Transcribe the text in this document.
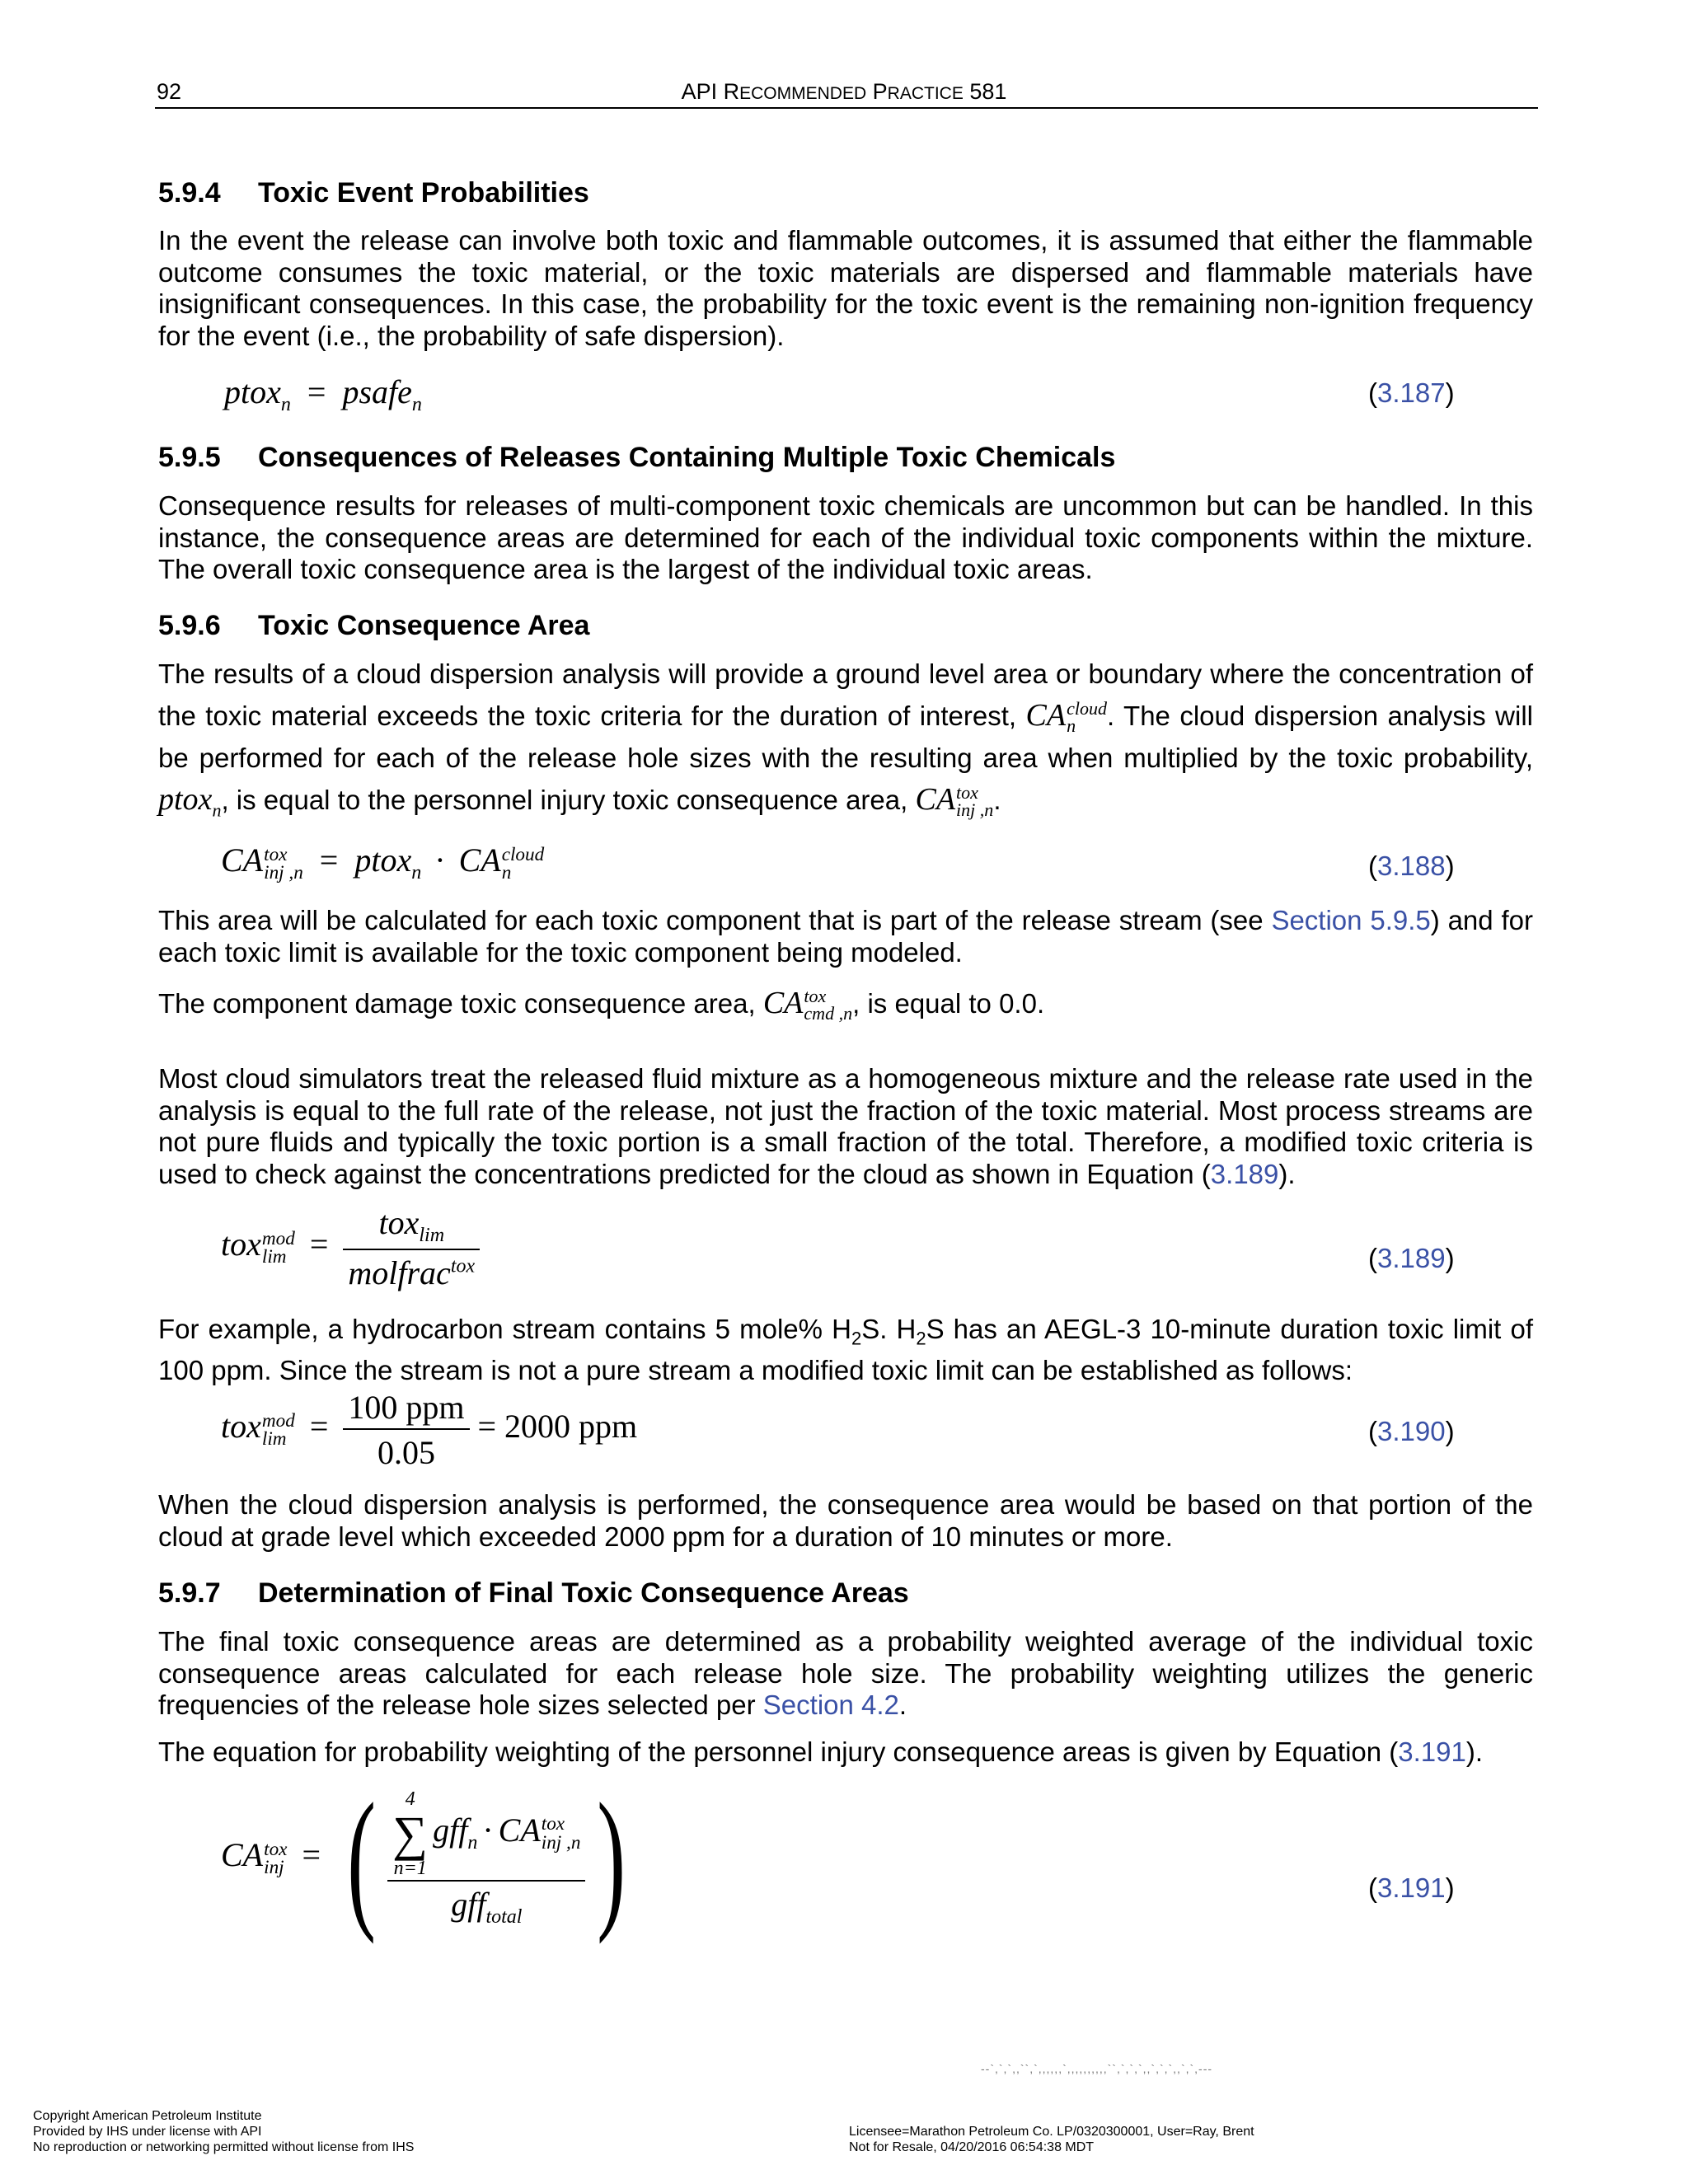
92	API RECOMMENDED PRACTICE 581
5.9.4 Toxic Event Probabilities

In the event the release can involve both toxic and flammable outcomes, it is assumed that either the flammable outcome consumes the toxic material, or the toxic materials are dispersed and flammable materials have insignificant consequences. In this case, the probability for the toxic event is the remaining non-ignition frequency for the event (i.e., the probability of safe dispersion).

ptox$_n$ = psafe$_n$	(3.187)
5.9.5 Consequences of Releases Containing Multiple Toxic Chemicals

Consequence results for releases of multi-component toxic chemicals are uncommon but can be handled. In this instance, the consequence areas are determined for each of the individual toxic components within the mixture. The overall toxic consequence area is the largest of the individual toxic areas.

5.9.6 Toxic Consequence Area

The results of a cloud dispersion analysis will provide a ground level area or boundary where the concentration of the toxic material exceeds the toxic criteria for the duration of interest, CA cloud
n	. The cloud dispersion analysis will be performed for each of the release hole sizes with the resulting area when multiplied by the toxic probability, ptox$_n$, is equal to the personnel injury toxic consequence area, CA tox
inj ,n .

CA tox
inj ,n = ptox$_n$ · CA cloud
n	(3.188)

This area will be calculated for each toxic component that is part of the release stream (see Section 5.9.5) and for each toxic limit is available for the toxic component being modeled.

The component damage toxic consequence area, CA tox
cmd ,n , is equal to 0.0.

Most cloud simulators treat the released fluid mixture as a homogeneous mixture and the release rate used in the analysis is equal to the full rate of the release, not just the fraction of the toxic material. Most process streams are not pure fluids and typically the toxic portion is a small fraction of the total. Therefore, a modified toxic criteria is used to check against the concentrations predicted for the cloud as shown in Equation (3.189).

tox mod
$\lim = \frac{tox_{lim}}{molfrac^{tox}}$	(3.189)

For example, a hydrocarbon stream contains 5 mole% $H_2S$. $H_2S$ has an AEGL-3 10-minute duration toxic limit of 100 ppm. Since the stream is not a pure stream a modified toxic limit can be established as follows:

tox mod
$\lim = \frac{\text{100 ppm}}{0.05} = 2000$ ppm	(3.190)

When the cloud dispersion analysis is performed, the consequence area would be based on that portion of the cloud at grade level which exceeded 2000 ppm for a duration of 10 minutes or more.

5.9.7 Determination of Final Toxic Consequence Areas

The final toxic consequence areas are determined as a probability weighted average of the individual toxic consequence areas calculated for each release hole size. The probability weighting utilizes the generic frequencies of the release hole sizes selected per Section 4.2.

The equation for probability weighting of the personnel injury consequence areas is given by Equation (3.191).

CA tox
inj = ( 4
∑
n=1
gff$_n$ · CA tox
inj ,n
gff$_{total}$ )	(3.191)
--`,`,`,,``,`,,,,,,`,,,,,,,,,,``,`,`,`,,`,`,`,,`,`,---
Copyright American Petroleum Institute
Provided by IHS under license with API
No reproduction or networking permitted without license from IHS
Licensee=Marathon Petroleum Co. LP/0320300001, User=Ray, Brent
Not for Resale, 04/20/2016 06:54:38 MDT
